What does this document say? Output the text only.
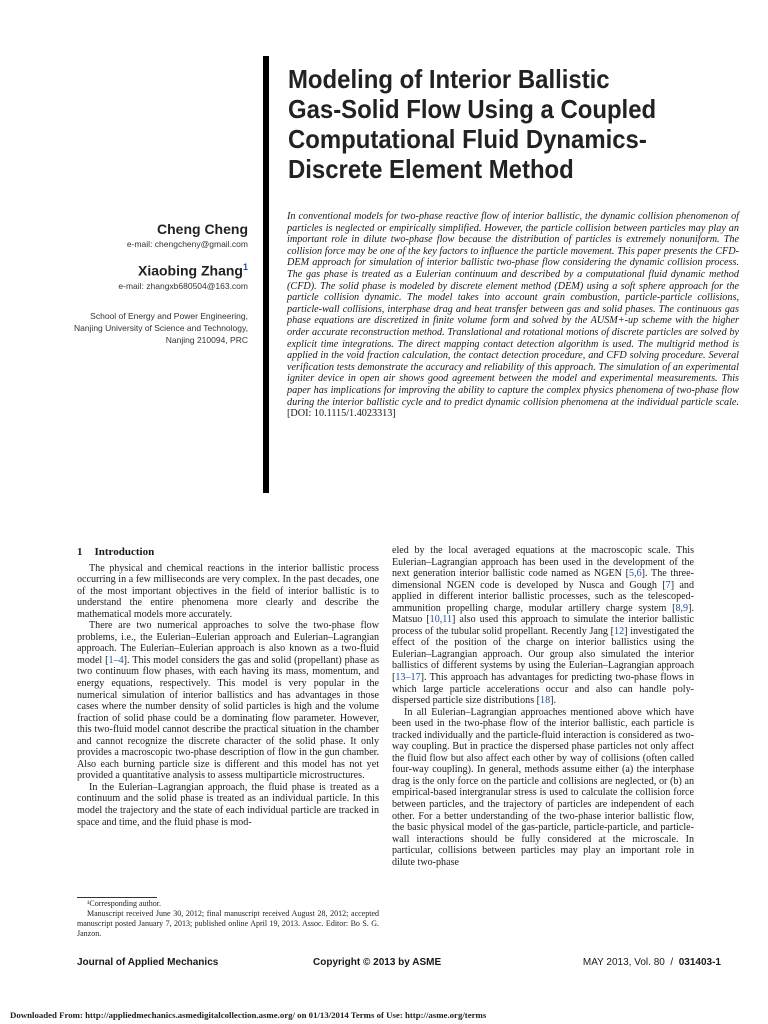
Modeling of Interior Ballistic
Gas-Solid Flow Using a Coupled
Computational Fluid Dynamics-
Discrete Element Method
Cheng Cheng
e-mail: chengcheny@gmail.com
Xiaobing Zhang$^1$
e-mail: zhangxb680504@163.com
School of Energy and Power Engineering,
Nanjing University of Science and Technology,
Nanjing 210094, PRC
In conventional models for two-phase reactive flow of interior ballistic, the dynamic collision phenomenon of particles is neglected or empirically simplified. However, the particle collision between particles may play an important role in dilute two-phase flow because the distribution of particles is extremely nonuniform. The collision force may be one of the key factors to influence the particle movement. This paper presents the CFD-DEM approach for simulation of interior ballistic two-phase flow considering the dynamic collision process. The gas phase is treated as a Eulerian continuum and described by a computational fluid dynamic method (CFD). The solid phase is modeled by discrete element method (DEM) using a soft sphere approach for the particle collision dynamic. The model takes into account grain combustion, particle-particle collisions, particle-wall collisions, interphase drag and heat transfer between gas and solid phases. The continuous gas phase equations are discretized in finite volume form and solved by the AUSM+-up scheme with the higher order accurate reconstruction method. Translational and rotational motions of discrete particles are solved by explicit time integrations. The direct mapping contact detection algorithm is used. The multigrid method is applied in the void fraction calculation, the contact detection procedure, and CFD solving procedure. Several verification tests demonstrate the accuracy and reliability of this approach. The simulation of an experimental igniter device in open air shows good agreement between the model and experimental measurements. This paper has implications for improving the ability to capture the complex physics phenomena of two-phase flow during the interior ballistic cycle and to predict dynamic collision phenomena at the individual particle scale. [DOI: 10.1115/1.4023313]
1 Introduction

The physical and chemical reactions in the interior ballistic process occurring in a few milliseconds are very complex. In the past decades, one of the most important objectives in the field of interior ballistic is to understand the entire phenomena more clearly and describe the mathematical models more accurately.

There are two numerical approaches to solve the two-phase flow problems, i.e., the Eulerian–Eulerian approach and Eulerian–Lagrangian approach. The Eulerian–Eulerian approach is also known as a two-fluid model [1–4]. This model considers the gas and solid (propellant) phase as two continuum flow phases, with each having its mass, momentum, and energy equations, respectively. This model is very popular in the numerical simulation of interior ballistics and has advantages in those cases where the number density of solid particles is high and the volume fraction of solid phase could be a dominating flow parameter. However, this two-fluid model cannot describe the practical situation in the chamber and cannot recognize the discrete character of the solid phase. It only provides a macroscopic two-phase description of flow in the gun chamber. Also each burning particle size is different and this model has not yet provided a quantitative analysis to assess multiparticle microstructures.

In the Eulerian–Lagrangian approach, the fluid phase is treated as a continuum and the solid phase is treated as an individual particle. In this model the trajectory and the state of each individual particle are tracked in space and time, and the fluid phase is mod-

eled by the local averaged equations at the macroscopic scale. This Eulerian–Lagrangian approach has been used in the development of the next generation interior ballistic code named as NGEN [5,6]. The three-dimensional NGEN code is developed by Nusca and Gough [7] and applied in different interior ballistic processes, such as the telescoped-ammunition propelling charge, modular artillery charge system [8,9]. Matsuo [10,11] also used this approach to simulate the interior ballistic process of the tubular solid propellant. Recently Jang [12] investigated the effect of the position of the charge on interior ballistics using the Eulerian–Lagrangian approach. Our group also simulated the interior ballistics of different systems by using the Eulerian–Lagrangian approach [13–17]. This approach has advantages for predicting two-phase flows in which large particle accelerations occur and also can handle poly-dispersed particle size distributions [18].

In all Eulerian–Lagrangian approaches mentioned above which have been used in the two-phase flow of the interior ballistic, each particle is tracked individually and the particle-fluid interaction is considered as two-way coupling. But in practice the dispersed phase particles not only affect the fluid flow but also affect each other by way of collisions (often called four-way coupling). In general, methods assume either (a) the interphase drag is the only force on the particle and collisions are neglected, or (b) an empirical-based intergranular stress is used to calculate the collision force between particles, and the trajectory of particles are independent of each other. For a better understanding of the two-phase interior ballistic flow, the basic physical model of the gas-particle, particle-particle, and particle-wall interactions should be fully considered at the microscale. In particular, collisions between particles may play an important role in dilute two-phase

¹Corresponding author.
Manuscript received June 30, 2012; final manuscript received August 28, 2012; accepted manuscript posted January 7, 2013; published online April 19, 2013. Assoc. Editor: Bo S. G. Janzon.
Journal of Applied Mechanics	Copyright © 2013 by ASME	MAY 2013, Vol. 80  /  031403-1
Downloaded From: http://appliedmechanics.asmedigitalcollection.asme.org/ on 01/13/2014 Terms of Use: http://asme.org/terms
